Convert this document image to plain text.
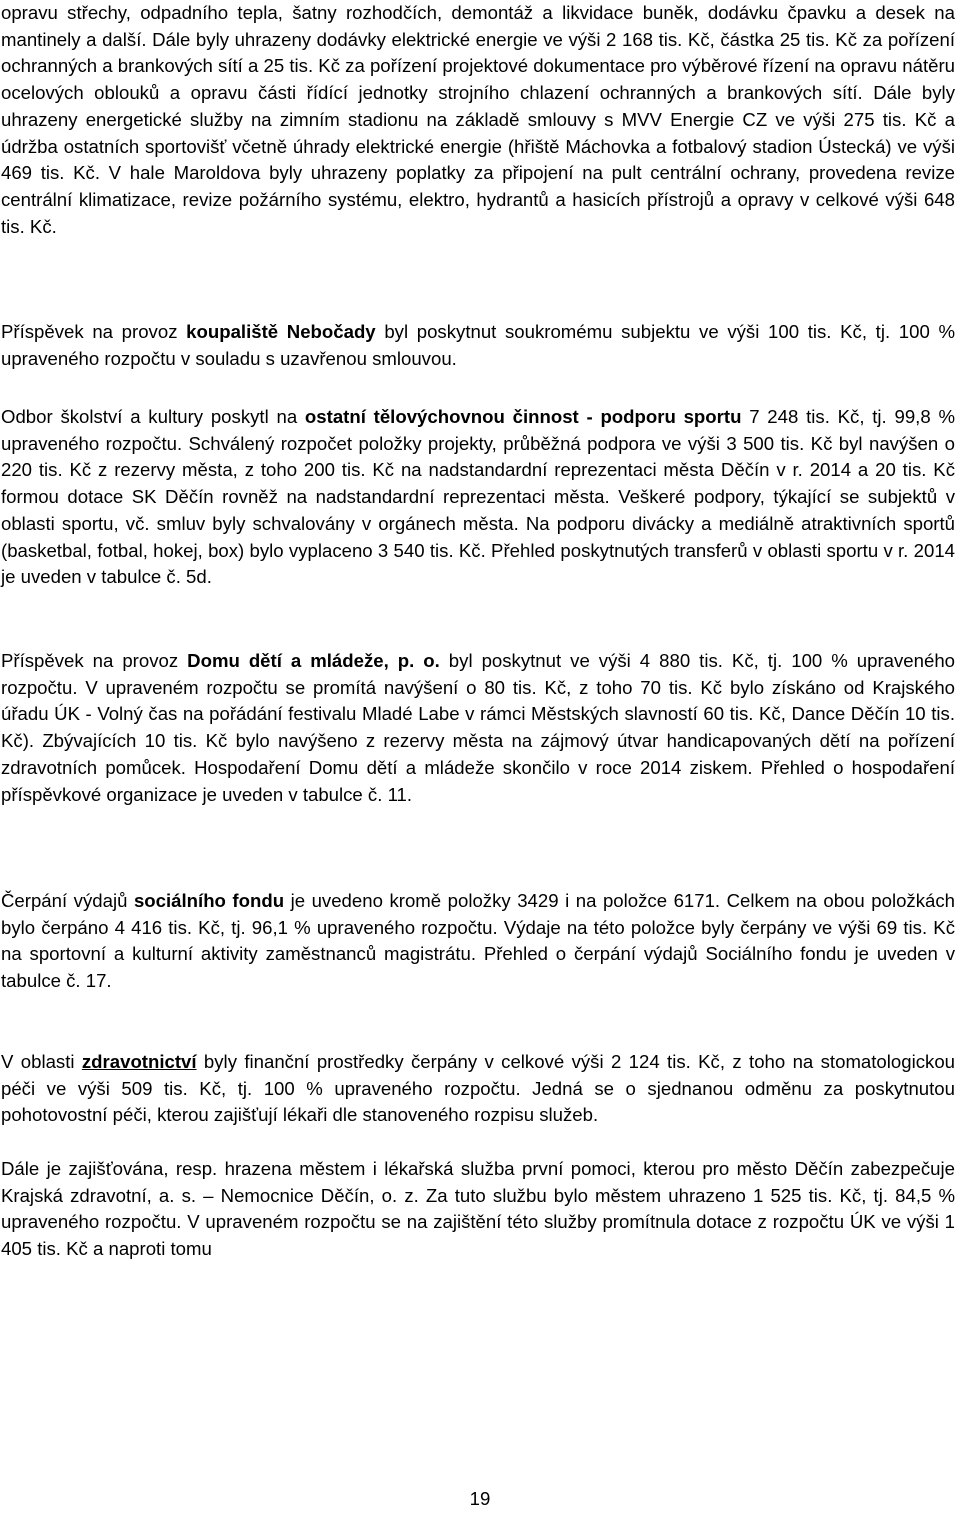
opravu střechy, odpadního tepla, šatny rozhodčích, demontáž a likvidace buněk, dodávku čpavku a desek na mantinely a další. Dále byly uhrazeny dodávky elektrické energie ve výši 2 168 tis. Kč, částka 25 tis. Kč za pořízení ochranných a brankových sítí a 25 tis. Kč za pořízení projektové dokumentace pro výběrové řízení na opravu nátěru ocelových oblouků a opravu části řídící jednotky strojního chlazení ochranných a brankových sítí. Dále byly uhrazeny energetické služby na zimním stadionu na základě smlouvy s MVV Energie CZ ve výši 275 tis. Kč a údržba ostatních sportovišť včetně úhrady elektrické energie (hřiště Máchovka a fotbalový stadion Ústecká) ve výši 469 tis. Kč. V hale Maroldova byly uhrazeny poplatky za připojení na pult centrální ochrany, provedena revize centrální klimatizace, revize požárního systému, elektro, hydrantů a hasicích přístrojů a opravy v celkové výši 648 tis. Kč.

Příspěvek na provoz koupaliště Nebočady byl poskytnut soukromému subjektu ve výši 100 tis. Kč, tj. 100 % upraveného rozpočtu v souladu s uzavřenou smlouvou.

Odbor školství a kultury poskytl na ostatní tělovýchovnou činnost - podporu sportu 7 248 tis. Kč, tj. 99,8 % upraveného rozpočtu. Schválený rozpočet položky projekty, průběžná podpora ve výši 3 500 tis. Kč byl navýšen o 220 tis. Kč z rezervy města, z toho 200 tis. Kč na nadstandardní reprezentaci města Děčín v r. 2014 a 20 tis. Kč formou dotace SK Děčín rovněž na nadstandardní reprezentaci města. Veškeré podpory, týkající se subjektů v oblasti sportu, vč. smluv byly schvalovány v orgánech města. Na podporu divácky a mediálně atraktivních sportů (basketbal, fotbal, hokej, box) bylo vyplaceno 3 540 tis. Kč. Přehled poskytnutých transferů v oblasti sportu v r. 2014 je uveden v tabulce č. 5d.

Příspěvek na provoz Domu dětí a mládeže, p. o. byl poskytnut ve výši 4 880 tis. Kč, tj. 100 % upraveného rozpočtu. V upraveném rozpočtu se promítá navýšení o 80 tis. Kč, z toho 70 tis. Kč bylo získáno od Krajského úřadu ÚK - Volný čas na pořádání festivalu Mladé Labe v rámci Městských slavností 60 tis. Kč, Dance Děčín 10 tis. Kč). Zbývajících 10 tis. Kč bylo navýšeno z rezervy města na zájmový útvar handicapovaných dětí na pořízení zdravotních pomůcek. Hospodaření Domu dětí a mládeže skončilo v roce 2014 ziskem. Přehled o hospodaření příspěvkové organizace je uveden v tabulce č. 11.

Čerpání výdajů sociálního fondu je uvedeno kromě položky 3429 i na položce 6171. Celkem na obou položkách bylo čerpáno 4 416 tis. Kč, tj. 96,1 % upraveného rozpočtu. Výdaje na této položce byly čerpány ve výši 69 tis. Kč na sportovní a kulturní aktivity zaměstnanců magistrátu. Přehled o čerpání výdajů Sociálního fondu je uveden v tabulce č. 17.

V oblasti zdravotnictví byly finanční prostředky čerpány v celkové výši 2 124 tis. Kč, z toho na stomatologickou péči ve výši 509 tis. Kč, tj. 100 % upraveného rozpočtu. Jedná se o sjednanou odměnu za poskytnutou pohotovostní péči, kterou zajišťují lékaři dle stanoveného rozpisu služeb.

Dále je zajišťována, resp. hrazena městem i lékařská služba první pomoci, kterou pro město Děčín zabezpečuje Krajská zdravotní, a. s. – Nemocnice Děčín, o. z. Za tuto službu bylo městem uhrazeno 1 525 tis. Kč, tj. 84,5 % upraveného rozpočtu. V upraveném rozpočtu se na zajištění této služby promítnula dotace z rozpočtu ÚK ve výši 1 405 tis. Kč a naproti tomu

19
